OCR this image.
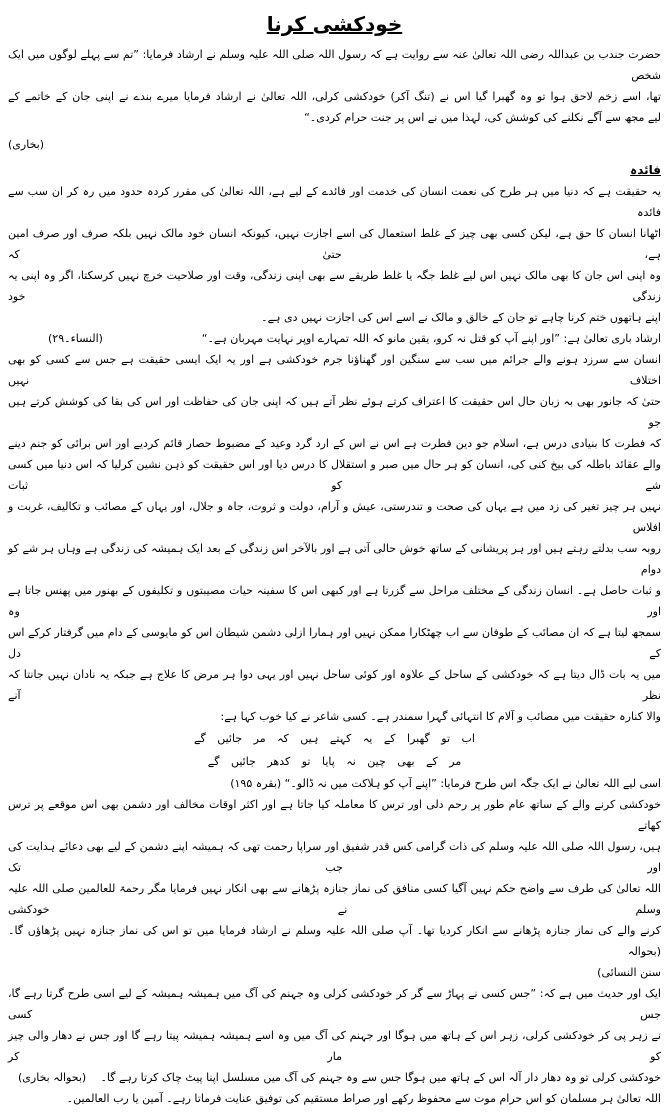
خودکشی کرنا
حضرت جندب بن عبداللہ رضی اللہ تعالیٰ عنہ سے روایت ہے کہ رسول اللہ صلی اللہ علیہ وسلم نے ارشاد فرمایا: ”تم سے پہلے لوگوں میں ایک شخص
تھا، اسے زخم لاحق ہوا تو وہ گھبرا گیا اس نے (تنگ آکر) خودکشی کرلی، اللہ تعالیٰ نے ارشاد فرمایا میرے بندے نے اپنی جان کے خاتمے کے
لیے مجھ سے آگے نکلنے کی کوشش کی، لہذا میں نے اس پر جنت حرام کردی۔“
(بخاری)
فائدہ
یہ حقیقت ہے کہ دنیا میں ہر طرح کی نعمت انسان کی خدمت اور فائدے کے لیے ہے، اللہ تعالیٰ کی مقرر کردہ حدود میں رہ کر ان سب سے فائدہ
اٹھانا انسان کا حق ہے، لیکن کسی بھی چیز کے غلط استعمال کی اسے اجازت نہیں، کیونکہ انسان خود مالک نہیں بلکہ صرف اور صرف امین ہے، حتیٰ کہ
وہ اپنی اس جان کا بھی مالک نہیں اس لیے غلط جگہ یا غلط طریقے سے بھی اپنی زندگی، وقت اور صلاحیت خرچ نہیں کرسکتا، اگر وہ اپنی یہ زندگی خود
اپنے ہاتھوں ختم کرنا چاہے تو جان کے خالق و مالک نے اسے اس کی اجازت نہیں دی ہے۔
ارشاد باری تعالیٰ ہے: ”اور اپنے آپ کو قتل نہ کرو، یقین مانو کہ اللہ تمہارے اوپر نہایت مہربان ہے۔“
(النساء۔۲۹)
انسان سے سرزد ہونے والے جرائم میں سب سے سنگین اور گھناؤنا جرم خودکشی ہے اور یہ ایک ایسی حقیقت ہے جس سے کسی کو بھی اختلاف نہیں
حتیٰ کہ جانور بھی بہ زبان حال اس حقیقت کا اعتراف کرتے ہوئے نظر آتے ہیں کہ اپنی جان کی حفاظت اور اس کی بقا کی کوشش کرتے ہیں جو
کہ فطرت کا بنیادی درس ہے، اسلام جو دین فطرت ہے اس نے اس کے ارد گرد وعید کے مضبوط حصار قائم کردیے اور اس برائی کو جنم دینے
والے عقائد باطلہ کی بیخ کنی کی، انسان کو ہر حال میں صبر و استقلال کا درس دیا اور اس حقیقت کو ذہن نشین کرلیا کہ اس دنیا میں کسی شے کو ثبات
نہیں ہر چیز تغیر کی زد میں ہے یہاں کی صحت و تندرستی، عیش و آرام، دولت و ثروت، جاہ و جلال، اور یہاں کے مصائب و تکالیف، غربت و افلاس
روبہ سب بدلتے رہتے ہیں اور ہر پریشانی کے ساتھ خوش حالی آتی ہے اور بالآخر اس زندگی کے بعد ایک ہمیشہ کی زندگی ہے وہاں ہر شے کو دوام
و ثبات حاصل ہے۔ انسان زندگی کے مختلف مراحل سے گزرتا ہے اور کبھی اس کا سفینہ حیات مصیبتوں و تکلیفوں کے بھنور میں پھنس جاتا ہے اور وہ
سمجھ لیتا ہے کہ ان مصائب کے طوفان سے اب چھٹکارا ممکن نہیں اور ہمارا ازلی دشمن شیطان اس کو مایوسی کے دام میں گرفتار کرکے اس کے دل
میں یہ بات ڈال دیتا ہے کہ خودکشی کے ساحل کے علاوہ اور کوئی ساحل نہیں اور یہی دوا ہر مرض کا علاج ہے جبکہ یہ نادان نہیں جانتا کہ نظر آنے
والا کنارہ حقیقت میں مصائب و آلام کا انتہائی گہرا سمندر ہے۔ کسی شاعر نے کیا خوب کہا ہے:
اب تو گھبرا کے یہ کہتے ہیں کہ مر جائیں گے
مر کے بھی چین نہ پایا تو کدھر جائیں گے
اسی لیے اللہ تعالیٰ نے ایک جگہ اس طرح فرمایا: ”اپنے آپ کو ہلاکت میں نہ ڈالو۔“ (بقرہ ۱۹۵)
خودکشی کرنے والے کے ساتھ عام طور پر رحم دلی اور ترس کا معاملہ کیا جاتا ہے اور اکثر اوقات مخالف اور دشمن بھی اس موقعے پر ترس کھاتے
ہیں، رسول اللہ صلی اللہ علیہ وسلم کی ذات گرامی کس قدر شفیق اور سراپا رحمت تھی کہ ہمیشہ اپنے دشمن کے لیے بھی دعائے ہدایت کی اور جب تک
اللہ تعالیٰ کی طرف سے واضح حکم نہیں آگیا کسی منافق کی نماز جنازہ پڑھانے سے بھی انکار نہیں فرمایا مگر رحمۃ للعالمین صلی اللہ علیہ وسلم نے خودکشی
کرنے والے کی نماز جنازہ پڑھانے سے انکار کردیا تھا۔ آپ صلی اللہ علیہ وسلم نے ارشاد فرمایا میں تو اس کی نماز جنازہ نہیں پڑھاؤں گا۔(بحوالہ
سنن النسائی)
ایک اور حدیث میں ہے کہ: ”جس کسی نے پہاڑ سے گر کر خودکشی کرلی وہ جہنم کی آگ میں ہمیشہ ہمیشہ کے لیے اسی طرح گرتا رہے گا، جس کسی
نے زہر پی کر خودکشی کرلی، زہر اس کے ہاتھ میں ہوگا اور جہنم کی آگ میں وہ اسے ہمیشہ ہمیشہ پیتا رہے گا اور جس نے دھار والی چیز کو مار کر
خودکشی کرلی تو وہ دھار دار آلہ اس کے ہاتھ میں ہوگا جس سے وہ جہنم کی آگ میں مسلسل اپنا پیٹ چاک کرتا رہے گا۔
(بحوالہ بخاری)
اللہ تعالیٰ ہر مسلمان کو اس حرام موت سے محفوظ رکھے اور صراط مستقیم کی توفیق عنایت فرماتا رہے۔ آمین یا رب العالمین۔
